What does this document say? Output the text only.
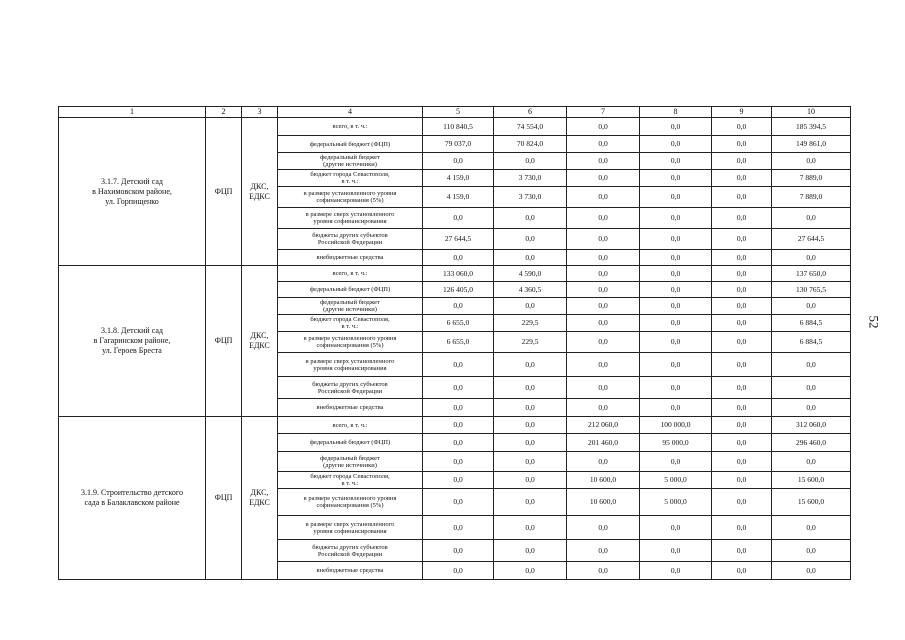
1	2	3	4	5	6	7	8	9	10
3.1.7. Детский сад
в Нахимовском районе,
ул. Горпищенко	ФЦП	ДКС,
ЕДКС	всего, в т. ч.:	110 840,5	74 554,0	0,0	0,0	0,0	185 394,5
			федеральный бюджет (ФЦП)	79 037,0	70 824,0	0,0	0,0	0,0	149 861,0
			федеральный бюджет
(другие источники)	0,0	0,0	0,0	0,0	0,0	0,0
			бюджет города Севастополя,
в т. ч.:	4 159,0	3 730,0	0,0	0,0	0,0	7 889,0
			в размере установленного уровня
софинансирования (5%)	4 159,0	3 730,0	0,0	0,0	0,0	7 889,0
			в размере сверх установленного
уровня софинансирования	0,0	0,0	0,0	0,0	0,0	0,0
			бюджеты других субъектов
Российской Федерации	27 644,5	0,0	0,0	0,0	0,0	27 644,5
			внебюджетные средства	0,0	0,0	0,0	0,0	0,0	0,0
3.1.8. Детский сад
в Гагаринском районе,
ул. Героев Бреста	ФЦП	ДКС,
ЕДКС	всего, в т. ч.:	133 060,0	4 590,0	0,0	0,0	0,0	137 650,0
			федеральный бюджет (ФЦП)	126 405,0	4 360,5	0,0	0,0	0,0	130 765,5
			федеральный бюджет
(другие источники)	0,0	0,0	0,0	0,0	0,0	0,0
			бюджет города Севастополя,
в т. ч.:	6 655,0	229,5	0,0	0,0	0,0	6 884,5
			в размере установленного уровня
софинансирования (5%)	6 655,0	229,5	0,0	0,0	0,0	6 884,5
			в размере сверх установленного
уровня софинансирования	0,0	0,0	0,0	0,0	0,0	0,0
			бюджеты других субъектов
Российской Федерации	0,0	0,0	0,0	0,0	0,0	0,0
			внебюджетные средства	0,0	0,0	0,0	0,0	0,0	0,0
3.1.9. Строительство детского
сада в Балаклавском районе	ФЦП	ДКС,
ЕДКС	всего, в т. ч.:	0,0	0,0	212 060,0	100 000,0	0,0	312 060,0
			федеральный бюджет (ФЦП)	0,0	0,0	201 460,0	95 000,0	0,0	296 460,0
			федеральный бюджет
(другие источники)	0,0	0,0	0,0	0,0	0,0	0,0
			бюджет города Севастополя,
в т. ч.:	0,0	0,0	10 600,0	5 000,0	0,0	15 600,0
			в размере установленного уровня
софинансирования (5%)	0,0	0,0	10 600,0	5 000,0	0,0	15 600,0
			в размере сверх установленного
уровня софинансирования	0,0	0,0	0,0	0,0	0,0	0,0
			бюджеты других субъектов
Российской Федерации	0,0	0,0	0,0	0,0	0,0	0,0
			внебюджетные средства	0,0	0,0	0,0	0,0	0,0	0,0
52
